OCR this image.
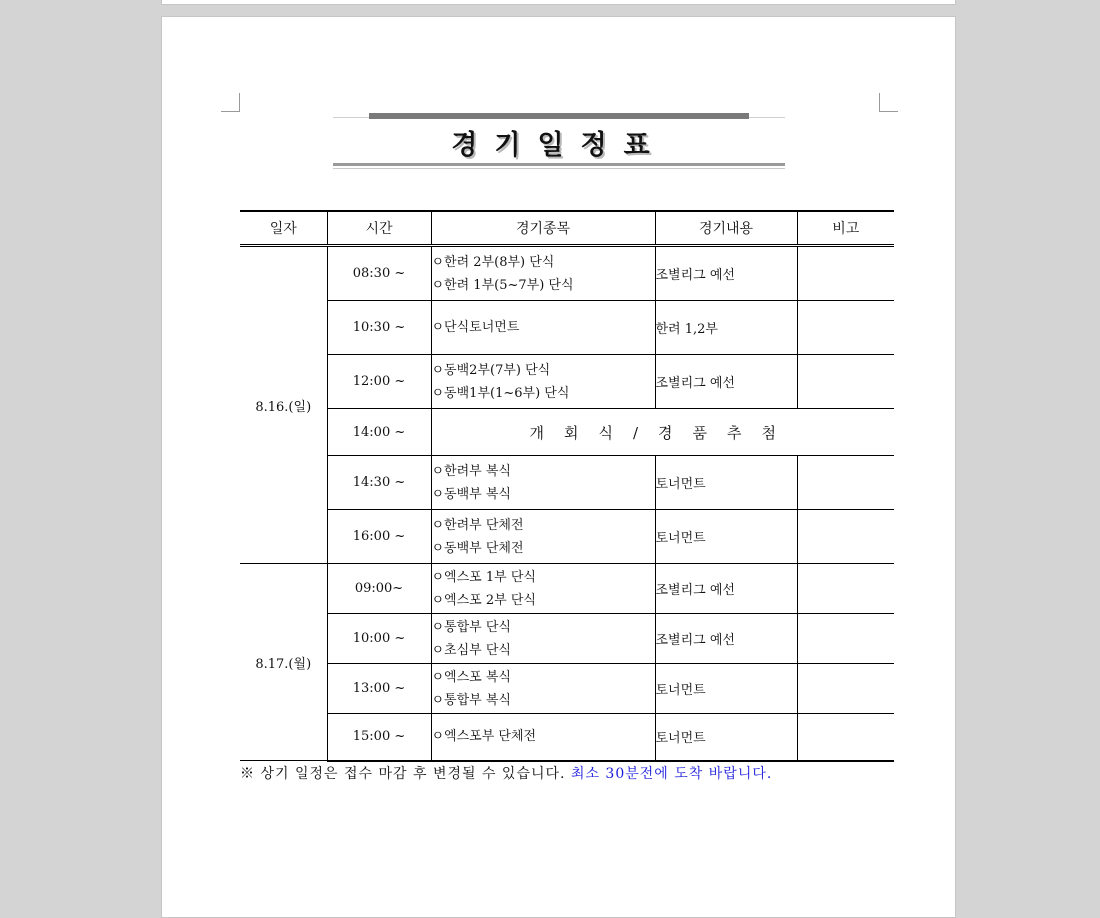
경기일정표
일자	시간	경기종목	경기내용	비고
8.16.(일)	08:30 ~	ㅇ한려 2부(8부) 단식
ㅇ한려 1부(5~7부) 단식	조별리그 예선	
	10:30 ~	ㅇ단식토너먼트	한려 1,2부	
	12:00 ~	ㅇ동백2부(7부) 단식
ㅇ동백1부(1~6부) 단식	조별리그 예선	
	14:00 ~	개회식/경품추첨		
	14:30 ~	ㅇ한려부 복식
ㅇ동백부 복식	토너먼트	
	16:00 ~	ㅇ한려부 단체전
ㅇ동백부 단체전	토너먼트	
8.17.(월)	09:00~	ㅇ엑스포 1부 단식
ㅇ엑스포 2부 단식	조별리그 예선	
	10:00 ~	ㅇ통합부 단식
ㅇ초심부 단식	조별리그 예선	
	13:00 ~	ㅇ엑스포 복식
ㅇ통합부 복식	토너먼트	
	15:00 ~	ㅇ엑스포부 단체전	토너먼트	
※ 상기 일정은 접수 마감 후 변경될 수 있습니다. 최소 30분전에 도착 바랍니다.
